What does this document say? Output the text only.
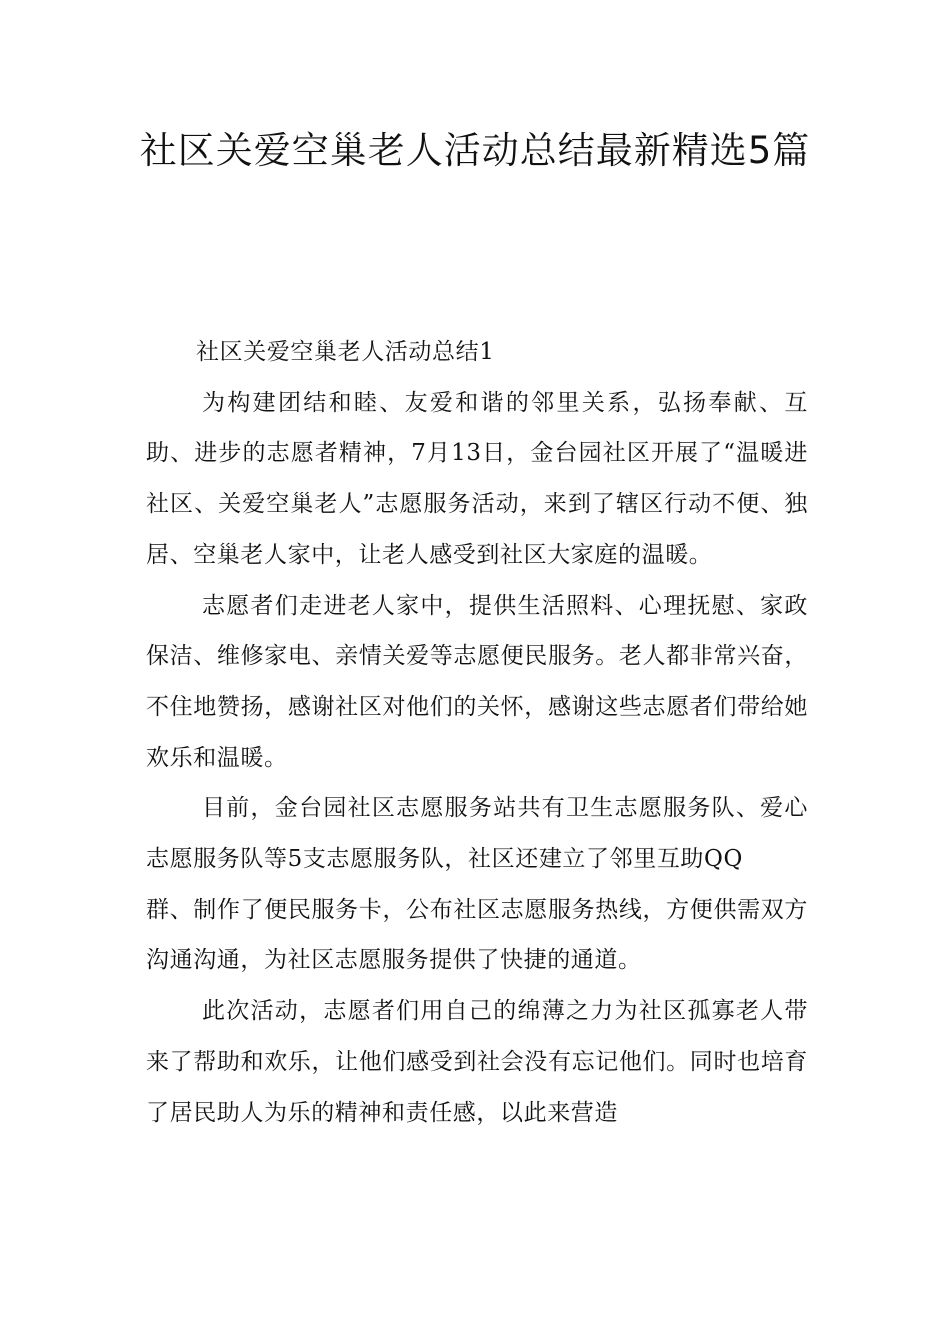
社区关爱空巢老人活动总结最新精选5篇

社区关爱空巢老人活动总结1

为构建团结和睦、友爱和谐的邻里关系，弘扬奉献、互助、进步的志愿者精神，7月13日，金台园社区开展了“温暖进社区、关爱空巢老人”志愿服务活动，来到了辖区行动不便、独居、空巢老人家中，让老人感受到社区大家庭的温暖。

志愿者们走进老人家中，提供生活照料、心理抚慰、家政保洁、维修家电、亲情关爱等志愿便民服务。老人都非常兴奋，不住地赞扬，感谢社区对他们的关怀，感谢这些志愿者们带给她欢乐和温暖。

目前，金台园社区志愿服务站共有卫生志愿服务队、爱心志愿服务队等5支志愿服务队，社区还建立了邻里互助QQ

群、制作了便民服务卡，公布社区志愿服务热线，方便供需双方沟通沟通，为社区志愿服务提供了快捷的通道。

此次活动，志愿者们用自己的绵薄之力为社区孤寡老人带来了帮助和欢乐，让他们感受到社会没有忘记他们。同时也培育了居民助人为乐的精神和责任感，以此来营造
